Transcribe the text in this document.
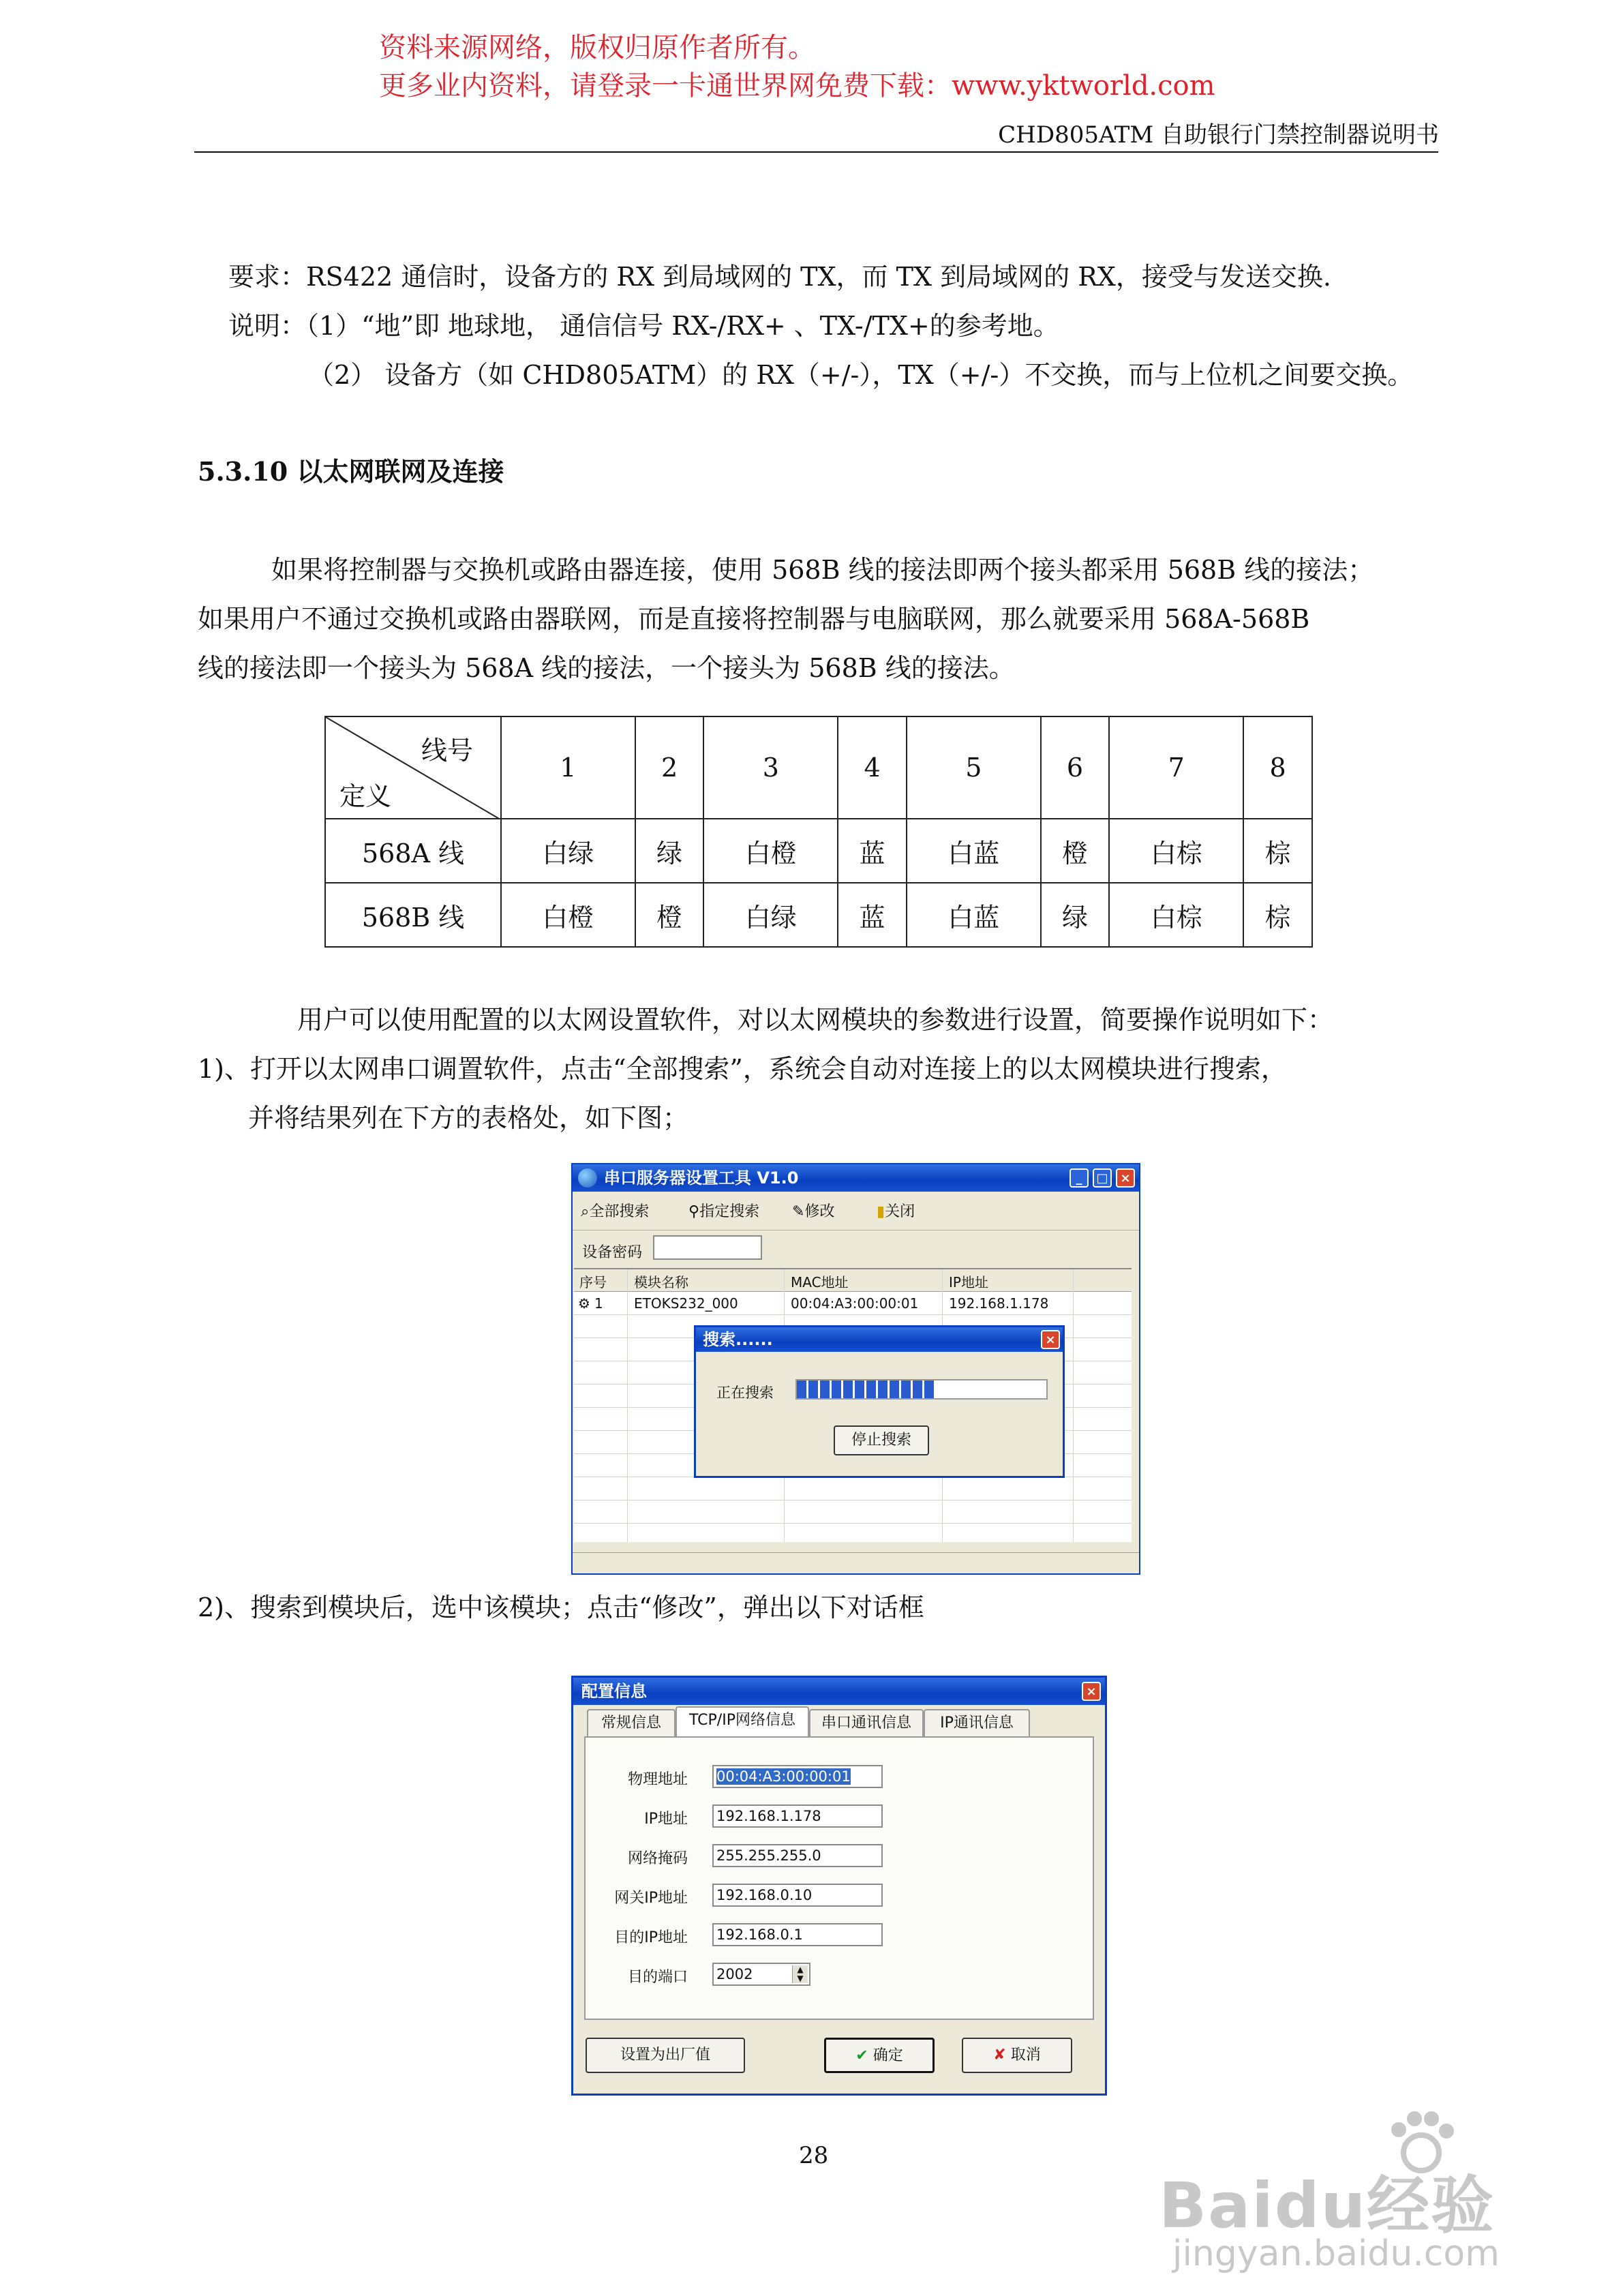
资料来源网络，版权归原作者所有。
更多业内资料，请登录一卡通世界网免费下载：www.yktworld.com
CHD805ATM 自助银行门禁控制器说明书
要求：RS422 通信时，设备方的 RX 到局域网的 TX，而 TX 到局域网的 RX，接受与发送交换.
说明：（1）“地”即 地球地， 通信信号 RX-/RX+ 、TX-/TX+的参考地。
（2） 设备方（如 CHD805ATM）的 RX（+/-），TX（+/-）不交换，而与上位机之间要交换。
5.3.10 以太网联网及连接
如果将控制器与交换机或路由器连接，使用 568B 线的接法即两个接头都采用 568B 线的接法；
如果用户不通过交换机或路由器联网，而是直接将控制器与电脑联网，那么就要采用 568A-568B
线的接法即一个接头为 568A 线的接法，一个接头为 568B 线的接法。
线号
定义	1	2	3	4	5	6	7	8
568A 线	白绿	绿	白橙	蓝	白蓝	橙	白棕	棕
568B 线	白橙	橙	白绿	蓝	白蓝	绿	白棕	棕
用户可以使用配置的以太网设置软件，对以太网模块的参数进行设置，简要操作说明如下：
1)、打开以太网串口调置软件，点击“全部搜索”，系统会自动对连接上的以太网模块进行搜索，
并将结果列在下方的表格处，如下图；
串口服务器设置工具 V1.0	_	□ ×
⌕全部搜索	⚲指定搜索 ✎修改	▮关闭
设备密码
序号 模块名称	MAC地址	IP地址
⚙ 1 ETOKS232_000	00:04:A3:00:00:01 192.168.1.178
搜索......	×
正在搜索
停止搜索
2)、搜索到模块后，选中该模块；点击“修改”，弹出以下对话框
配置信息	×
常规信息	TCP/IP网络信息	串口通讯信息	IP通讯信息
物理地址 00:04:A3:00:00:01
IP地址 192.168.1.178
网络掩码 255.255.255.0
网关IP地址 192.168.0.10
目的IP地址 192.168.0.1
目的端口 2002	▲
▼
设置为出厂值	✔ 确定	✘ 取消
28
Baidu经验
jingyan.baidu.com
